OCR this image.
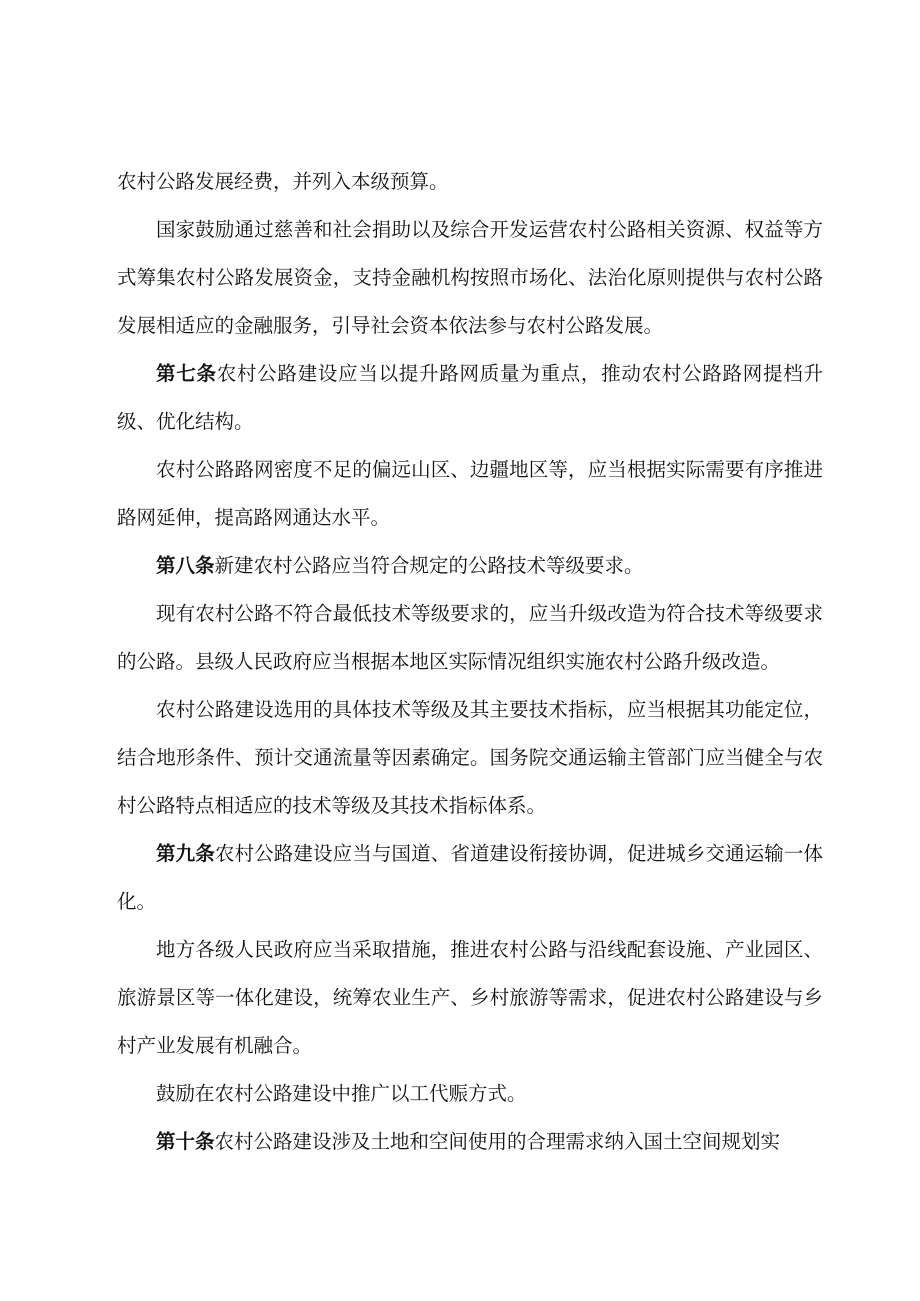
农村公路发展经费，并列入本级预算。

国家鼓励通过慈善和社会捐助以及综合开发运营农村公路相关资源、权益等方式筹集农村公路发展资金，支持金融机构按照市场化、法治化原则提供与农村公路发展相适应的金融服务，引导社会资本依法参与农村公路发展。

第七条农村公路建设应当以提升路网质量为重点，推动农村公路路网提档升级、优化结构。

农村公路路网密度不足的偏远山区、边疆地区等，应当根据实际需要有序推进路网延伸，提高路网通达水平。

第八条新建农村公路应当符合规定的公路技术等级要求。

现有农村公路不符合最低技术等级要求的，应当升级改造为符合技术等级要求的公路。县级人民政府应当根据本地区实际情况组织实施农村公路升级改造。

农村公路建设选用的具体技术等级及其主要技术指标，应当根据其功能定位，结合地形条件、预计交通流量等因素确定。国务院交通运输主管部门应当健全与农村公路特点相适应的技术等级及其技术指标体系。

第九条农村公路建设应当与国道、省道建设衔接协调，促进城乡交通运输一体化。

地方各级人民政府应当采取措施，推进农村公路与沿线配套设施、产业园区、旅游景区等一体化建设，统筹农业生产、乡村旅游等需求，促进农村公路建设与乡村产业发展有机融合。

鼓励在农村公路建设中推广以工代赈方式。

第十条农村公路建设涉及土地和空间使用的合理需求纳入国土空间规划实
